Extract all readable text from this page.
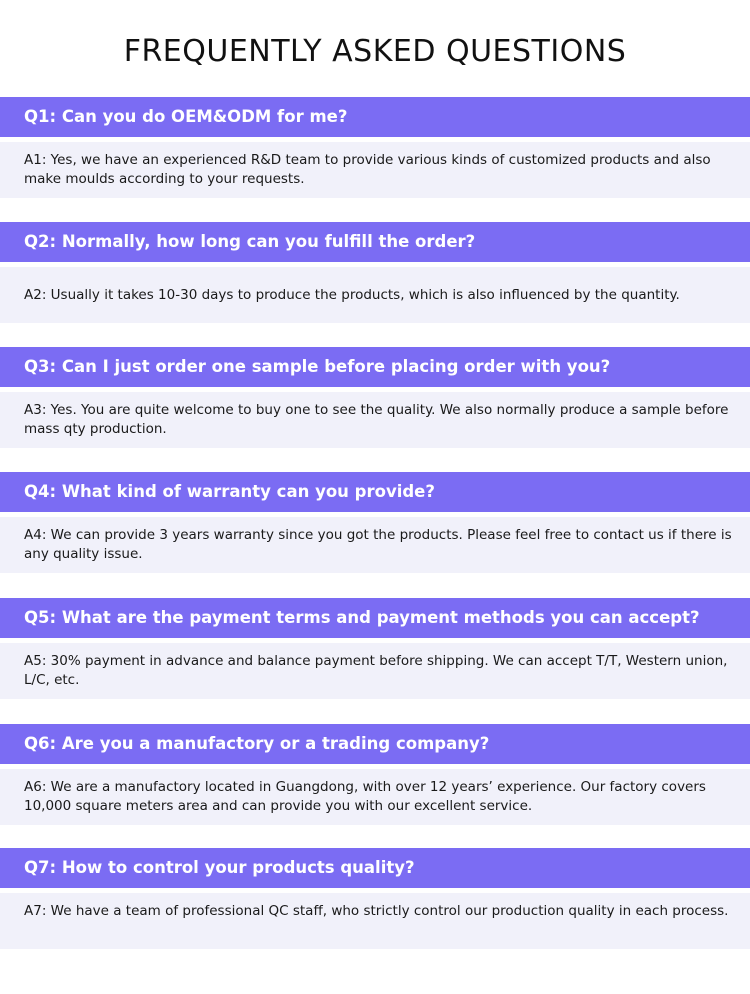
FREQUENTLY ASKED QUESTIONS
Q1: Can you do OEM&ODM for me?
A1: Yes, we have an experienced R&D team to provide various kinds of customized products and also make moulds according to your requests.
Q2: Normally, how long can you fulfill the order?
A2: Usually it takes 10-30 days to produce the products, which is also influenced by the quantity.
Q3: Can I just order one sample before placing order with you?
A3: Yes. You are quite welcome to buy one to see the quality. We also normally produce a sample before mass qty production.
Q4: What kind of warranty can you provide?
A4: We can provide 3 years warranty since you got the products. Please feel free to contact us if there is any quality issue.
Q5: What are the payment terms and payment methods you can accept?
A5: 30% payment in advance and balance payment before shipping. We can accept T/T, Western union, L/C, etc.
Q6: Are you a manufactory or a trading company?
A6: We are a manufactory located in Guangdong, with over 12 years’ experience. Our factory covers 10,000 square meters area and can provide you with our excellent service.
Q7: How to control your products quality?
A7: We have a team of professional QC staff, who strictly control our production quality in each process.
